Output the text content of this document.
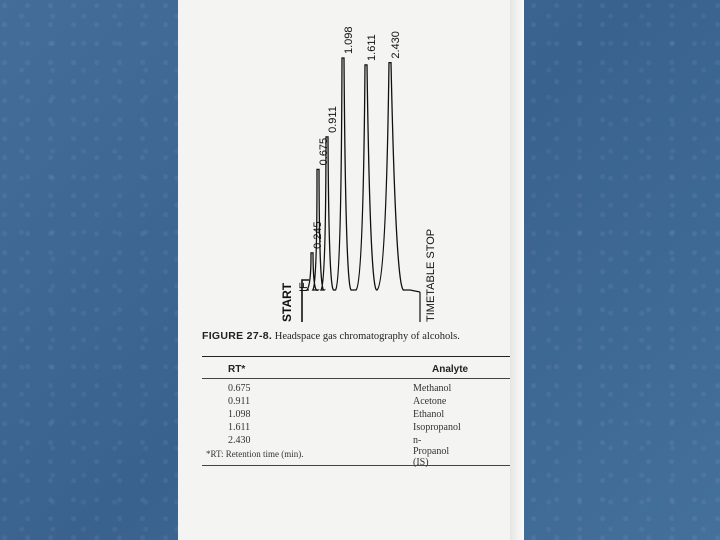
0.245
0.675
0.911
1.098 1.611 2.430
START IF	TIMETABLE STOP
FIGURE 27-8. Headspace gas chromatography of alcohols.
RT*	Analyte
0.675	Methanol
0.911	Acetone
1.098	Ethanol
1.611	Isopropanol
2.430	n-Propanol (IS)
*RT: Retention time (min).
